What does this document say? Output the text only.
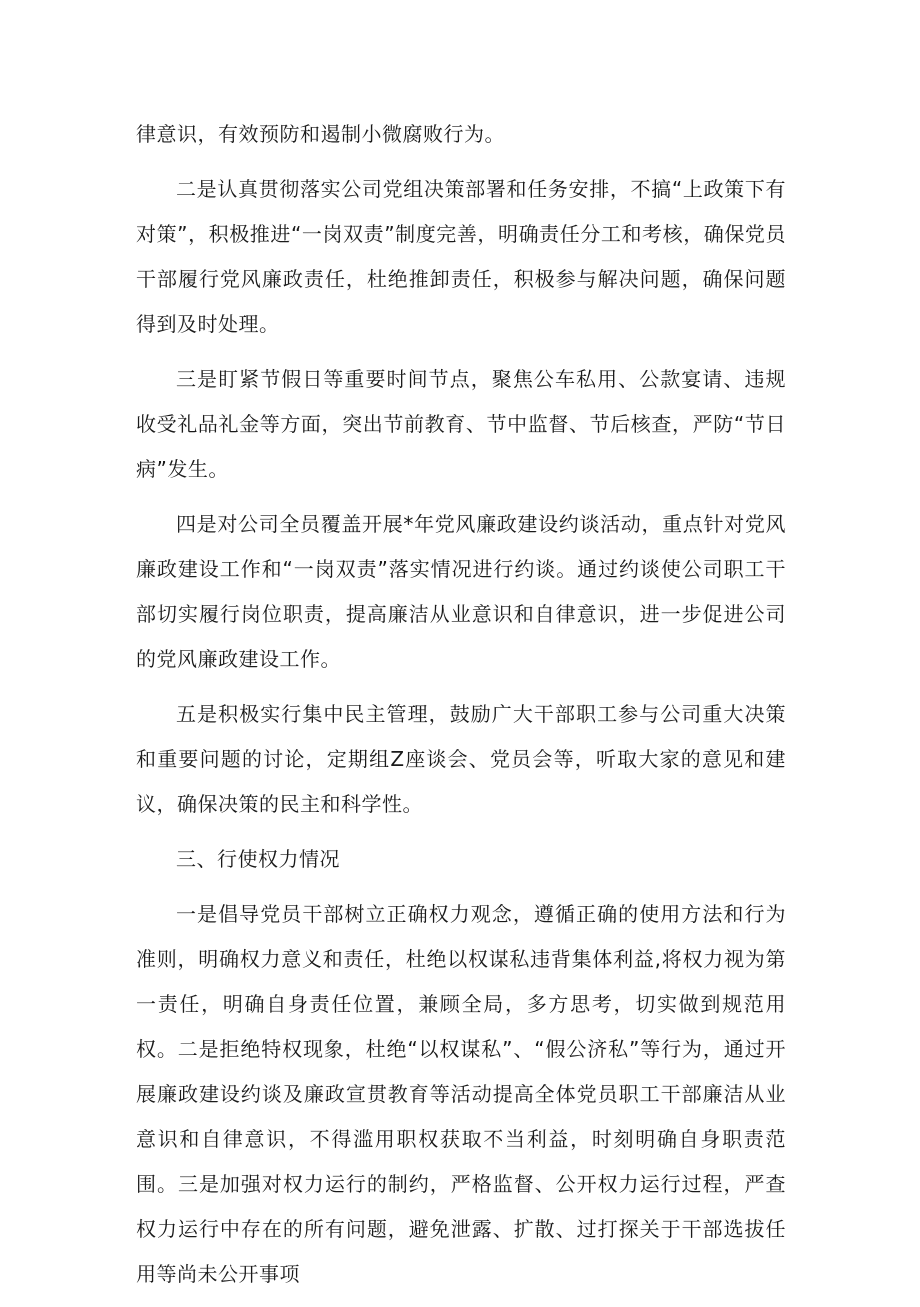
律意识，有效预防和遏制小微腐败行为。

二是认真贯彻落实公司党组决策部署和任务安排，不搞“上政策下有对策”，积极推进“一岗双责”制度完善，明确责任分工和考核，确保党员干部履行党风廉政责任，杜绝推卸责任，积极参与解决问题，确保问题得到及时处理。

三是盯紧节假日等重要时间节点，聚焦公车私用、公款宴请、违规收受礼品礼金等方面，突出节前教育、节中监督、节后核查，严防“节日病”发生。

四是对公司全员覆盖开展*年党风廉政建设约谈活动，重点针对党风廉政建设工作和“一岗双责”落实情况进行约谈。通过约谈使公司职工干部切实履行岗位职责，提高廉洁从业意识和自律意识，进一步促进公司的党风廉政建设工作。

五是积极实行集中民主管理，鼓励广大干部职工参与公司重大决策和重要问题的讨论，定期组Z座谈会、党员会等，听取大家的意见和建议，确保决策的民主和科学性。

三、行使权力情况

一是倡导党员干部树立正确权力观念，遵循正确的使用方法和行为准则，明确权力意义和责任，杜绝以权谋私违背集体利益,将权力视为第一责任，明确自身责任位置，兼顾全局，多方思考，切实做到规范用权。二是拒绝特权现象，杜绝“以权谋私”、“假公济私”等行为，通过开展廉政建设约谈及廉政宣贯教育等活动提高全体党员职工干部廉洁从业意识和自律意识，不得滥用职权获取不当利益，时刻明确自身职责范围。三是加强对权力运行的制约，严格监督、公开权力运行过程，严查权力运行中存在的所有问题，避免泄露、扩散、过打探关于干部选拔任用等尚未公开事项
